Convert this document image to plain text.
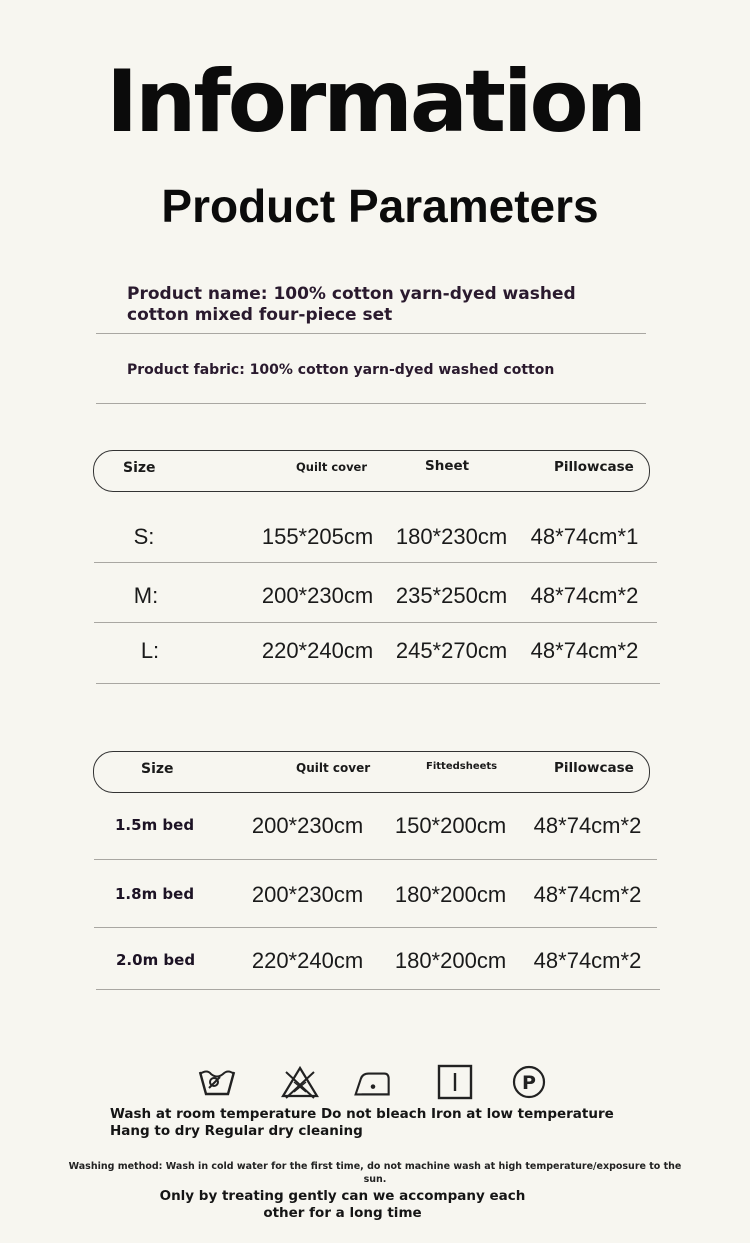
Information
Product Parameters
Product name: 100% cotton yarn-dyed washed cotton mixed four-piece set
Product fabric: 100% cotton yarn-dyed washed cotton
Size	Quilt cover	Sheet	Pillowcase
S:	155*205cm	180*230cm	48*74cm*1
M:	200*230cm	235*250cm	48*74cm*2
L:	220*240cm	245*270cm	48*74cm*2
Size	Quilt cover	Fittedsheets	Pillowcase
1.5m bed	200*230cm	150*200cm	48*74cm*2
1.8m bed	200*230cm	180*200cm	48*74cm*2
2.0m bed	220*240cm	180*200cm	48*74cm*2
P
Wash at room temperature Do not bleach Iron at low temperature Hang to dry Regular dry cleaning
Washing method: Wash in cold water for the first time, do not machine wash at high temperature/exposure to the sun.
Only by treating gently can we accompany each other for a long time
